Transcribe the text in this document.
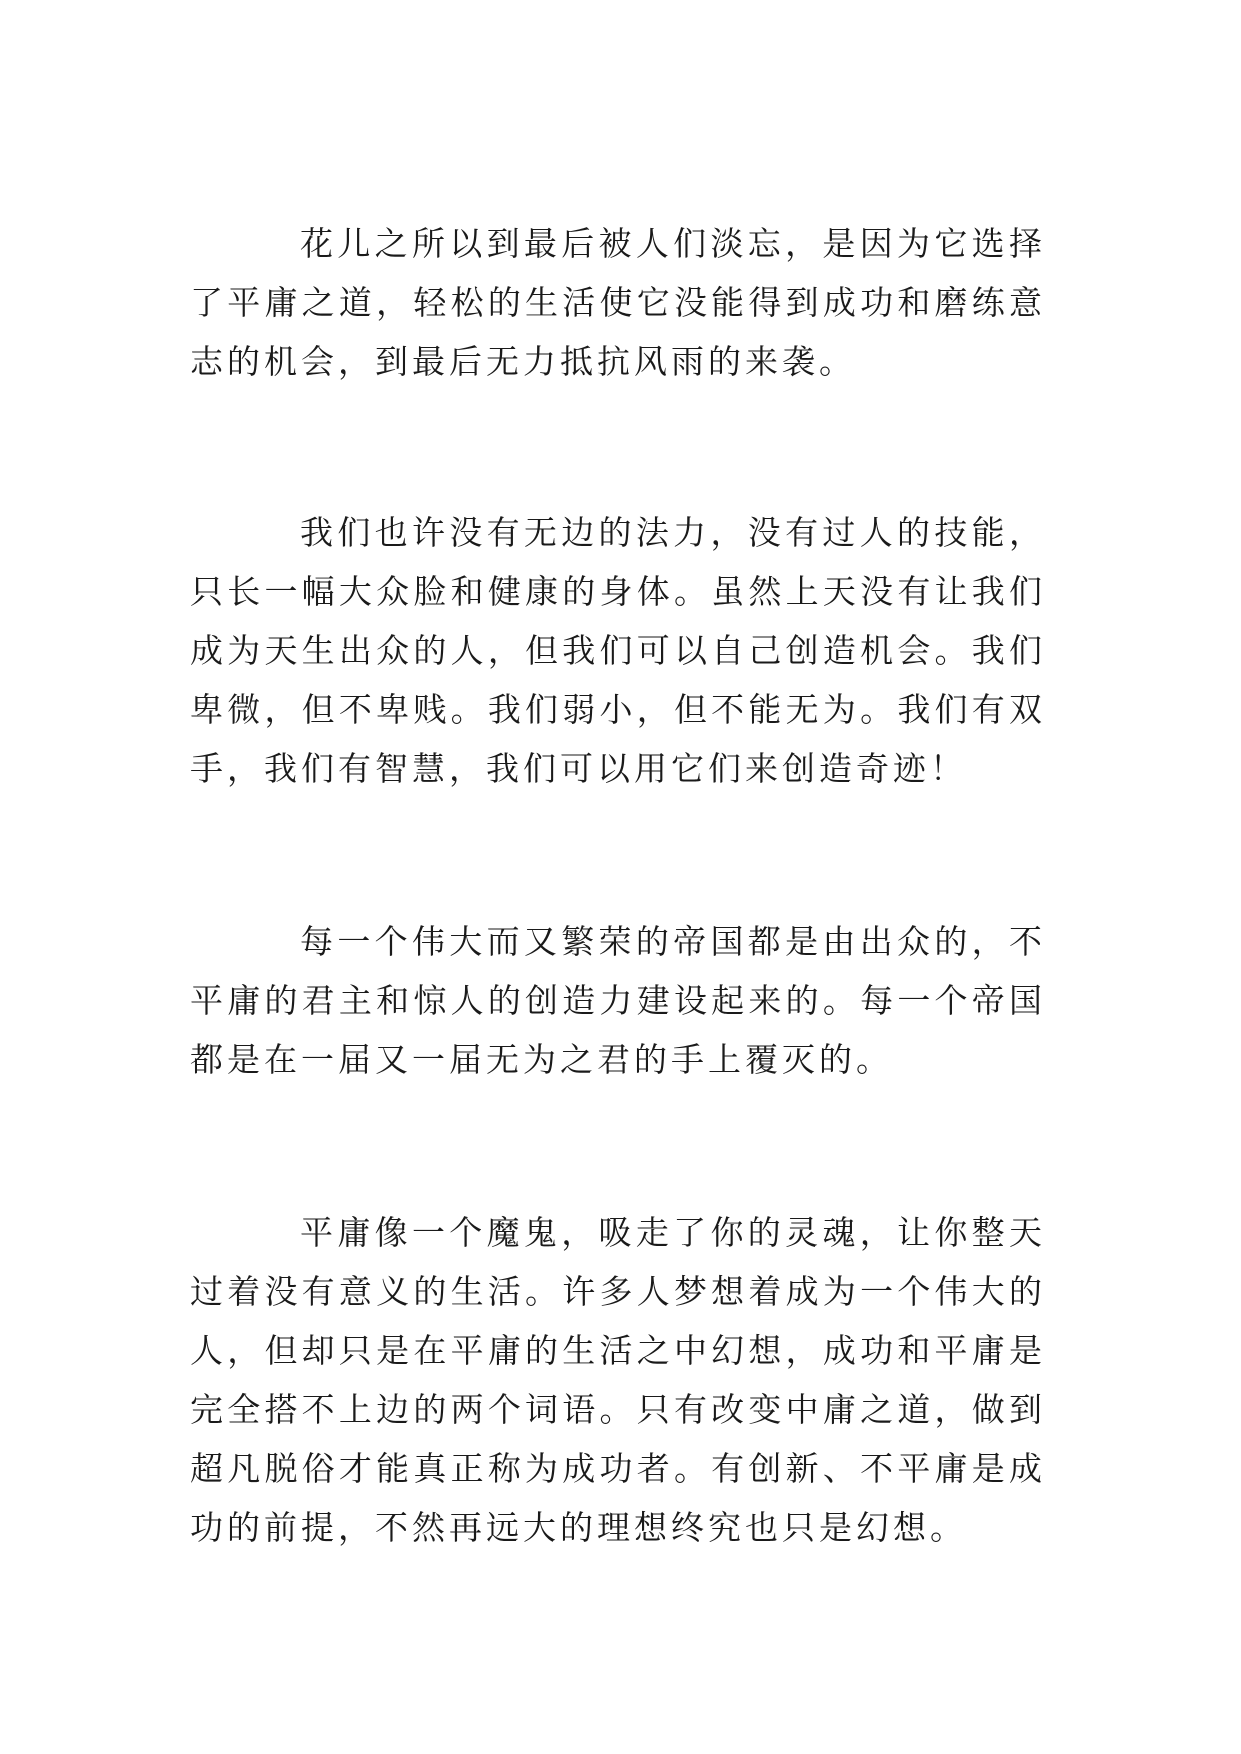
花儿之所以到最后被人们淡忘，是因为它选择了平庸之道，轻松的生活使它没能得到成功和磨练意志的机会，到最后无力抵抗风雨的来袭。

我们也许没有无边的法力，没有过人的技能，只长一幅大众脸和健康的身体。虽然上天没有让我们成为天生出众的人，但我们可以自己创造机会。我们卑微，但不卑贱。我们弱小，但不能无为。我们有双手，我们有智慧，我们可以用它们来创造奇迹！

每一个伟大而又繁荣的帝国都是由出众的，不平庸的君主和惊人的创造力建设起来的。每一个帝国都是在一届又一届无为之君的手上覆灭的。

平庸像一个魔鬼，吸走了你的灵魂，让你整天过着没有意义的生活。许多人梦想着成为一个伟大的人，但却只是在平庸的生活之中幻想，成功和平庸是完全搭不上边的两个词语。只有改变中庸之道，做到超凡脱俗才能真正称为成功者。有创新、不平庸是成功的前提，不然再远大的理想终究也只是幻想。
